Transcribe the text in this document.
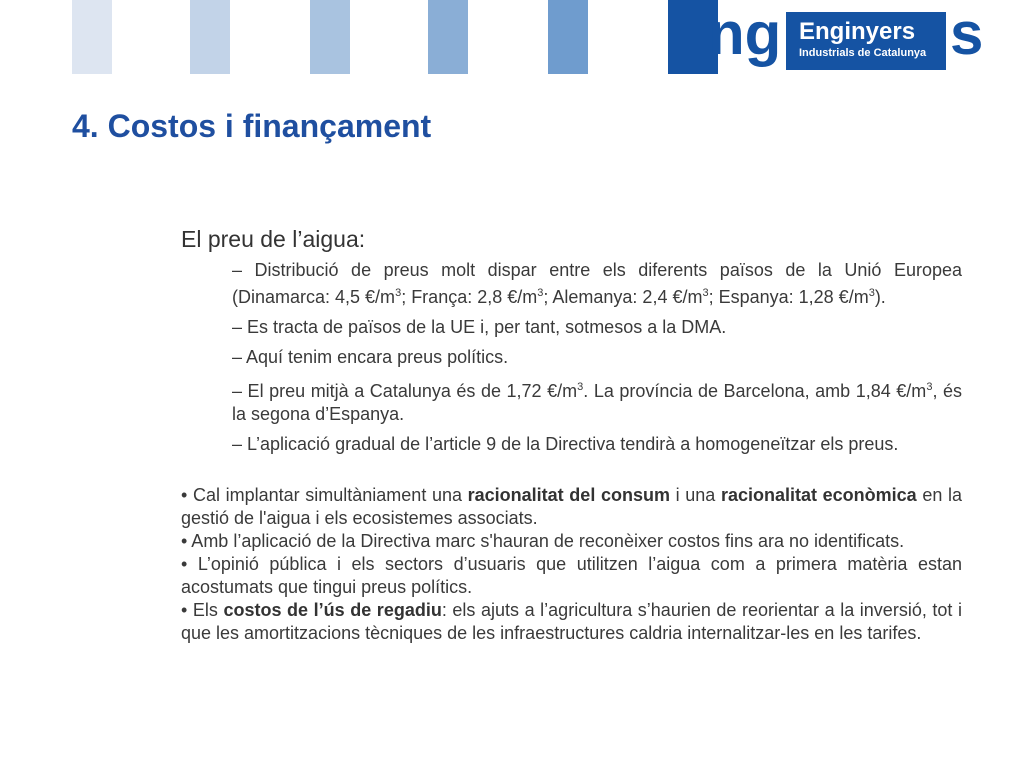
ng Enginyers
Industrials de Catalunya s
4. Costos i finançament

El preu de l’aigua:

– Distribució de preus molt dispar entre els diferents països de la Unió Europea (Dinamarca: 4,5 $€/m^3$; França: 2,8 $€/m^3$; Alemanya: 2,4 $€/m^3$; Espanya: 1,28 $€/m^3$).

– Es tracta de països de la UE i, per tant, sotmesos a la DMA.

– Aquí tenim encara preus polítics.

– El preu mitjà a Catalunya és de 1,72 $€/m^3$. La província de Barcelona, amb 1,84 $€/m^3$, és la segona d’Espanya.

– L’aplicació gradual de l’article 9 de la Directiva tendirà a homogeneïtzar els preus.

• Cal implantar simultàniament una racionalitat del consum i una racionalitat econòmica en la gestió de l'aigua i els ecosistemes associats.

• Amb l’aplicació de la Directiva marc s'hauran de reconèixer costos fins ara no identificats.

• L’opinió pública i els sectors d’usuaris que utilitzen l’aigua com a primera matèria estan acostumats que tingui preus polítics.

• Els costos de l’ús de regadiu: els ajuts a l’agricultura s’haurien de reorientar a la inversió, tot i que les amortitzacions tècniques de les infraestructures caldria internalitzar-les en les tarifes.
